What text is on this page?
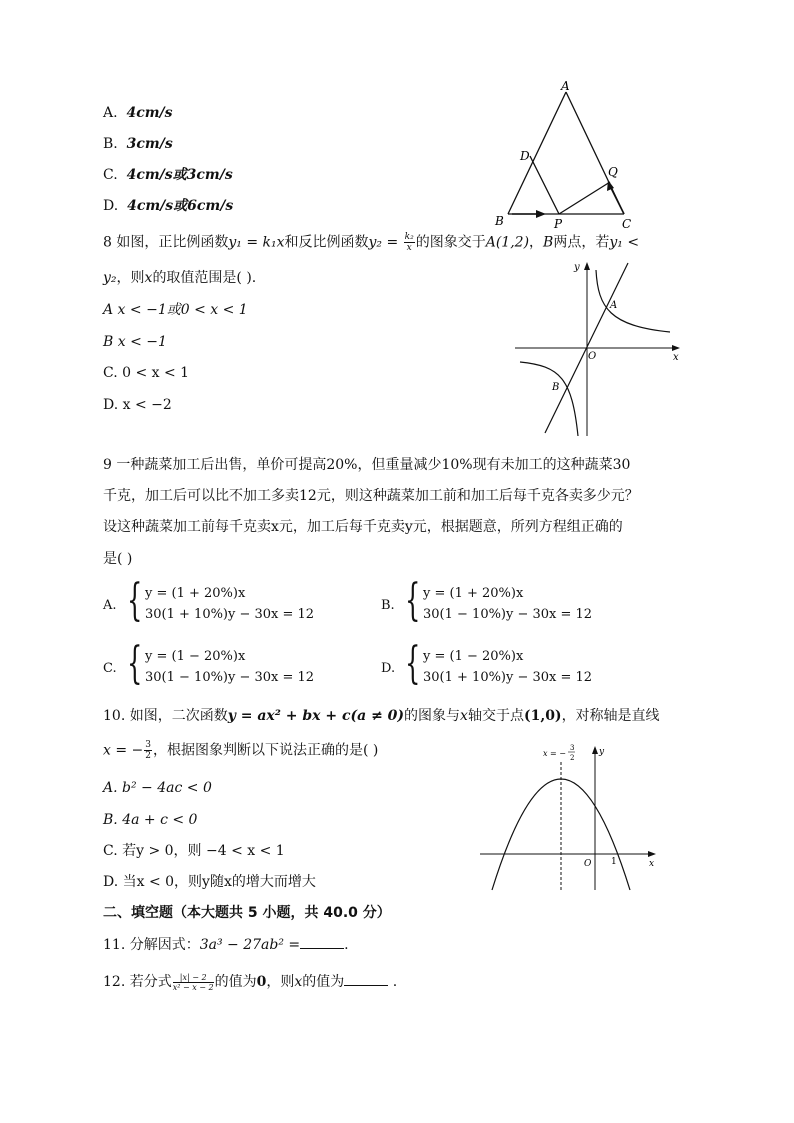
A. 4cm/s
B. 3cm/s
C. 4cm/s或3cm/s
D. 4cm/s或6cm/s
A
B	C
D
P
Q
8 如图，正比例函数y₁ = k₁x和反比例函数$y_2 = \frac{\text{k₂}}{x}$ 的图象交于A(1,2)，B两点，若y₁ <
y₂，则x的取值范围是( ).
A x < −1或0 < x < 1
B x < −1
C. 0 < x < 1
D. x < −2
y
x
O
A
B
9 一种蔬菜加工后出售，单价可提高20%，但重量减少10%现有未加工的这种蔬菜30
千克，加工后可以比不加工多卖12元，则这种蔬菜加工前和加工后每千克各卖多少元？
设这种蔬菜加工前每千克卖x元，加工后每千克卖y元，根据题意，所列方程组正确的
是( )
A. { y = (1 + 20%)x
30(1 + 10%)y − 30x = 12
B. { y = (1 + 20%)x
30(1 − 10%)y − 30x = 12
C. { y = (1 − 20%)x
30(1 − 10%)y − 30x = 12
D. { y = (1 − 20%)x
30(1 + 10%)y − 30x = 12
10. 如图，二次函数y = ax² + bx + c(a ≠ 0)的图象与x轴交于点(1,0)，对称轴是直线
x = − $\frac{3}{2}$ ，根据图象判断以下说法正确的是( )
A. b² − 4ac < 0
B. 4a + c < 0
C. 若y > 0，则 −4 < x < 1
D. 当x < 0，则y随x的增大而增大
x = −
3
2
y
x
O 1
二、填空题（本大题共 5 小题，共 40.0 分）
11. 分解因式：3a³ − 27ab² =	.
12. 若分式 $\frac{|x| - 2}{\text{x² − x − 2}}$ 的值为0，则x的值为	.
